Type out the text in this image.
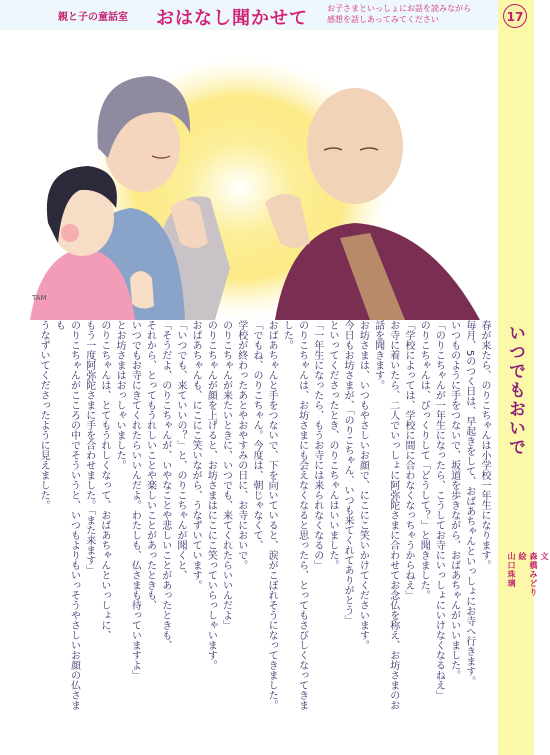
親と子の童話室 おはなし聞かせて お子さまといっしょにお話を読みながら
感想を話しあってみてください	17
いつでもおいで
文
森橋みどり
絵
山口珠璃
TAM

春が来たら、のりこちゃんは小学校一年生になります。

毎月、5のつく日は、早起きをして、おばあちゃんといっしょにお寺へ行きます。

いつものように手をつないで、坂道を歩きながら、おばあちゃんがいいました。

「のりこちゃんが一年生になったら、こうしてお寺にいっしょにいけなくなるねえ」

のりこちゃんは、びっくりして「どうして？」と聞きました。

「学校によっては、学校に間に合わなくなっちゃうからねえ」

お寺に着いたら、二人でいっしょに阿弥陀さまに合わせてお念仏を称え、お坊さまのお話を聞きます。

お坊さまは、いつもやさしいお顔で、にこにこ笑いかけてくださいます。

今日もお坊さまが、「のりこちゃん、いつも来てくれてありがとう」

といってくださったとき、のりこちゃんはいいました。

「一年生になったら、もうお寺には来られなくなるの」

のりこちゃんは、お坊さまにも会えなくなると思ったら、とってもさびしくなってきました。

おばあちゃんと手をつないで、下を向いていると、涙がこぼれそうになってきました。

「でもね、のりこちゃん。今度は、朝じゃなくて、

学校が終わったあとやおやすみの日に、お寺においで。

のりこちゃんが来たいときに、いつでも、来てくれたらいいんだよ」

のりこちゃんが顔を上げると、お坊さまはにこにこ笑っていらっしゃいます。

おばあちゃんも、にこにこ笑いながら、うなずいています。

「いつでも、来ていいの？」と、のりこちゃんが聞くと、

「そうだよ、のりこちゃんが、いやなことや悲しいことがあったときも、

それから、とってもうれしいことや楽しいことがあったときも、

いつでもお寺にきてくれたらいいんだよ。わたしも、仏さまも待っていますよ」

とお坊さまはおっしゃいました。

のりこちゃんは、とてもうれしくなって、おばあちゃんといっしょに、

もう一度阿弥陀さまに手を合わせました。「また来ます」

のりこちゃんがこころの中でそういうと、いつもよりもいっそうやさしいお顔の仏さまも

うなずいてくださったように見えました。
